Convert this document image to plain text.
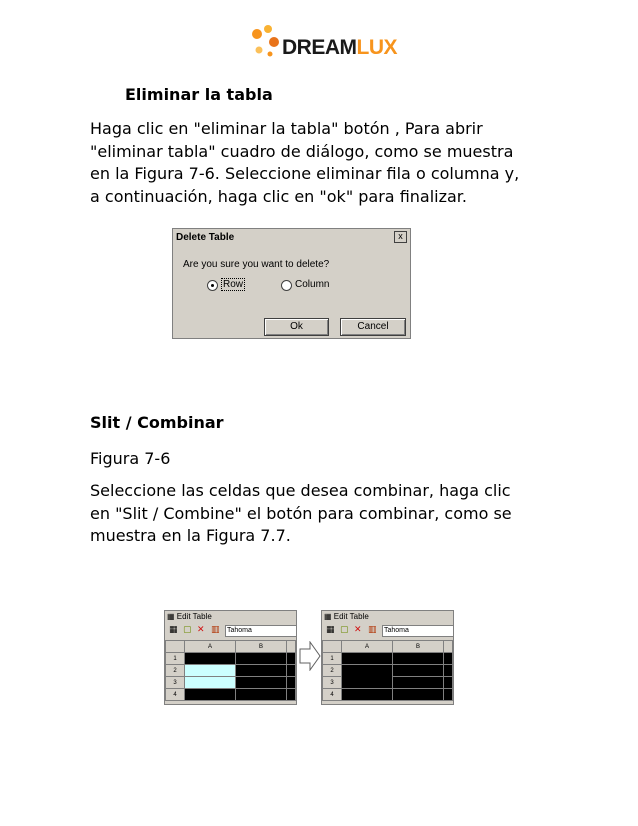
DREAMLUX
Eliminar la tabla
Haga clic en "eliminar la tabla" botón , Para abrir
"eliminar tabla" cuadro de diálogo, como se muestra
en la Figura 7-6. Seleccione eliminar fila o columna y,
a continuación, haga clic en "ok" para finalizar.
Delete Table	x
Are you sure you want to delete?
Row	Column
Ok	Cancel
Slit / Combinar
Figura 7-6
Seleccione las celdas que desea combinar, haga clic
en "Slit / Combine" el botón para combinar, como se
muestra en la Figura 7.7.
▦ Edit Table
▦ ▢ ✕ ▥ Tahoma
	A	B	
1			
2			
3			
4			
▦ Edit Table
▦ ▢ ✕ ▥ Tahoma
	A	B	
1			
2			
3			
4			
